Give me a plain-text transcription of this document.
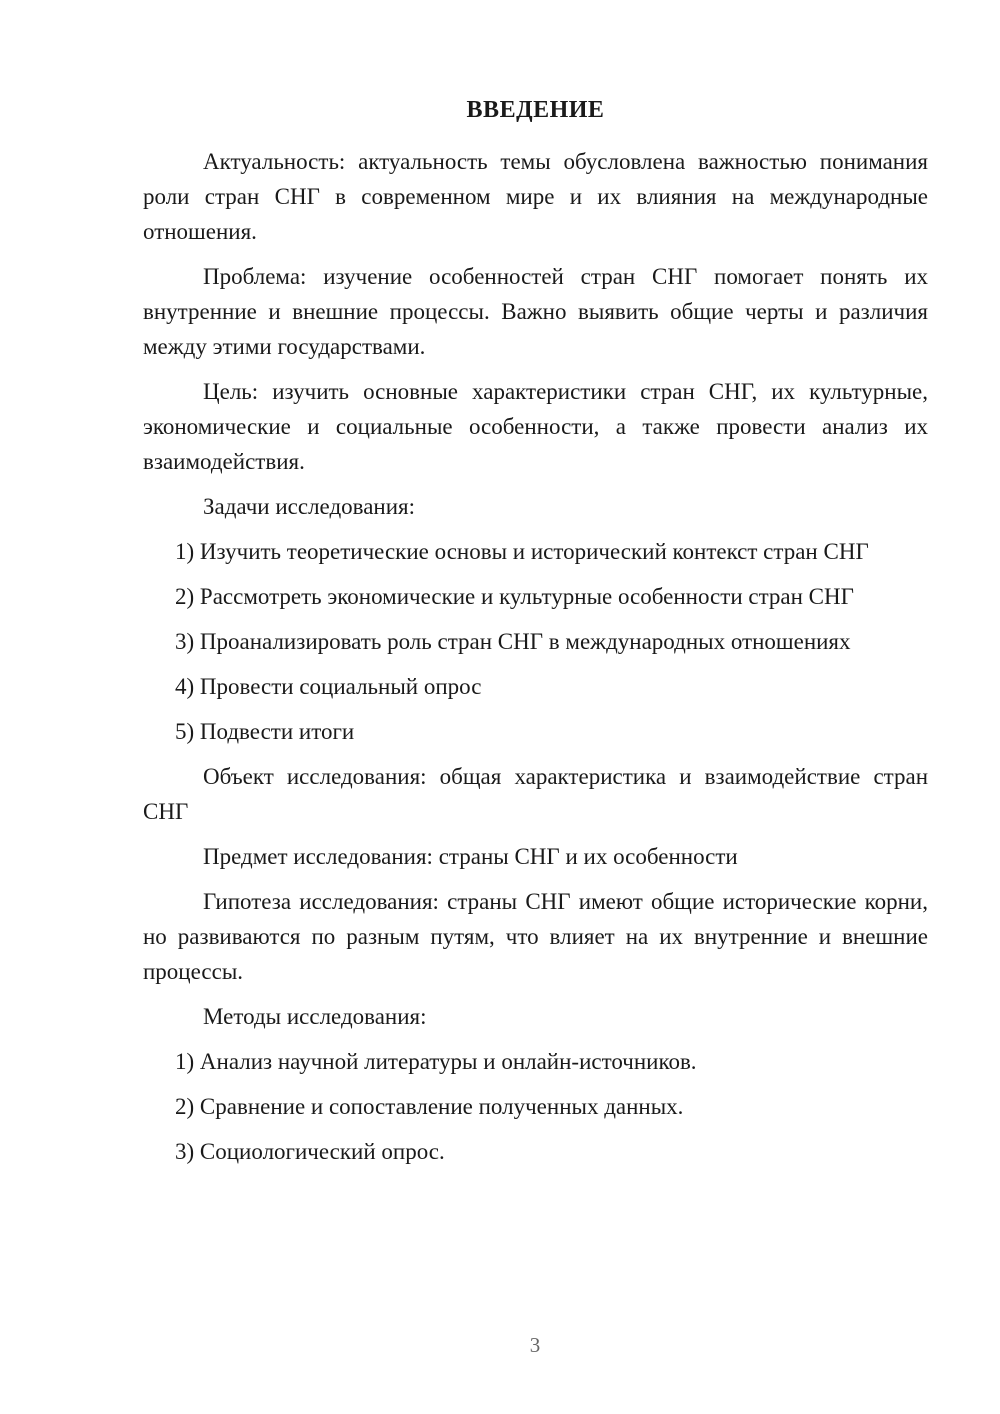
ВВЕДЕНИЕ

Актуальность: актуальность темы обусловлена важностью понимания роли стран СНГ в современном мире и их влияния на международные отношения.

Проблема: изучение особенностей стран СНГ помогает понять их внутренние и внешние процессы. Важно выявить общие черты и различия между этими государствами.

Цель: изучить основные характеристики стран СНГ, их культурные, экономические и социальные особенности, а также провести анализ их взаимодействия.

Задачи исследования:

1) Изучить теоретические основы и исторический контекст стран СНГ
2) Рассмотреть экономические и культурные особенности стран СНГ
3) Проанализировать роль стран СНГ в международных отношениях
4) Провести социальный опрос
5) Подвести итоги

Объект исследования: общая характеристика и взаимодействие стран СНГ

Предмет исследования: страны СНГ и их особенности

Гипотеза исследования: страны СНГ имеют общие исторические корни, но развиваются по разным путям, что влияет на их внутренние и внешние процессы.

Методы исследования:

1) Анализ научной литературы и онлайн-источников.
2) Сравнение и сопоставление полученных данных.
3) Социологический опрос.
3
